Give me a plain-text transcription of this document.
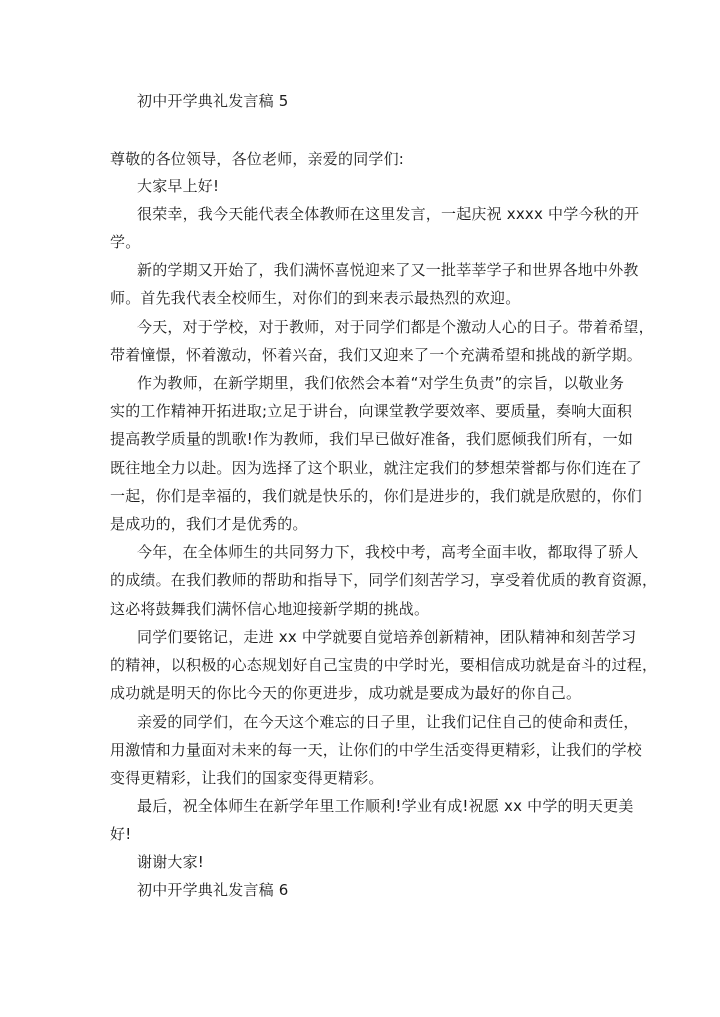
初中开学典礼发言稿 5
尊敬的各位领导，各位老师，亲爱的同学们:
大家早上好!
很荣幸，我今天能代表全体教师在这里发言，一起庆祝 xxxx 中学今秋的开
学。
新的学期又开始了，我们满怀喜悦迎来了又一批莘莘学子和世界各地中外教
师。首先我代表全校师生，对你们的到来表示最热烈的欢迎。
今天，对于学校，对于教师，对于同学们都是个激动人心的日子。带着希望，
带着憧憬，怀着激动，怀着兴奋，我们又迎来了一个充满希望和挑战的新学期。
作为教师，在新学期里，我们依然会本着“对学生负责”的宗旨，以敬业务
实的工作精神开拓进取;立足于讲台，向课堂教学要效率、要质量，奏响大面积
提高教学质量的凯歌!作为教师，我们早已做好准备，我们愿倾我们所有，一如
既往地全力以赴。因为选择了这个职业，就注定我们的梦想荣誉都与你们连在了
一起，你们是幸福的，我们就是快乐的，你们是进步的，我们就是欣慰的，你们
是成功的，我们才是优秀的。
今年，在全体师生的共同努力下，我校中考，高考全面丰收，都取得了骄人
的成绩。在我们教师的帮助和指导下，同学们刻苦学习，享受着优质的教育资源，
这必将鼓舞我们满怀信心地迎接新学期的挑战。
同学们要铭记，走进 xx 中学就要自觉培养创新精神，团队精神和刻苦学习
的精神，以积极的心态规划好自己宝贵的中学时光，要相信成功就是奋斗的过程，
成功就是明天的你比今天的你更进步，成功就是要成为最好的你自己。
亲爱的同学们，在今天这个难忘的日子里，让我们记住自己的使命和责任，
用激情和力量面对未来的每一天，让你们的中学生活变得更精彩，让我们的学校
变得更精彩，让我们的国家变得更精彩。
最后，祝全体师生在新学年里工作顺利!学业有成!祝愿 xx 中学的明天更美
好!
谢谢大家!
初中开学典礼发言稿 6
